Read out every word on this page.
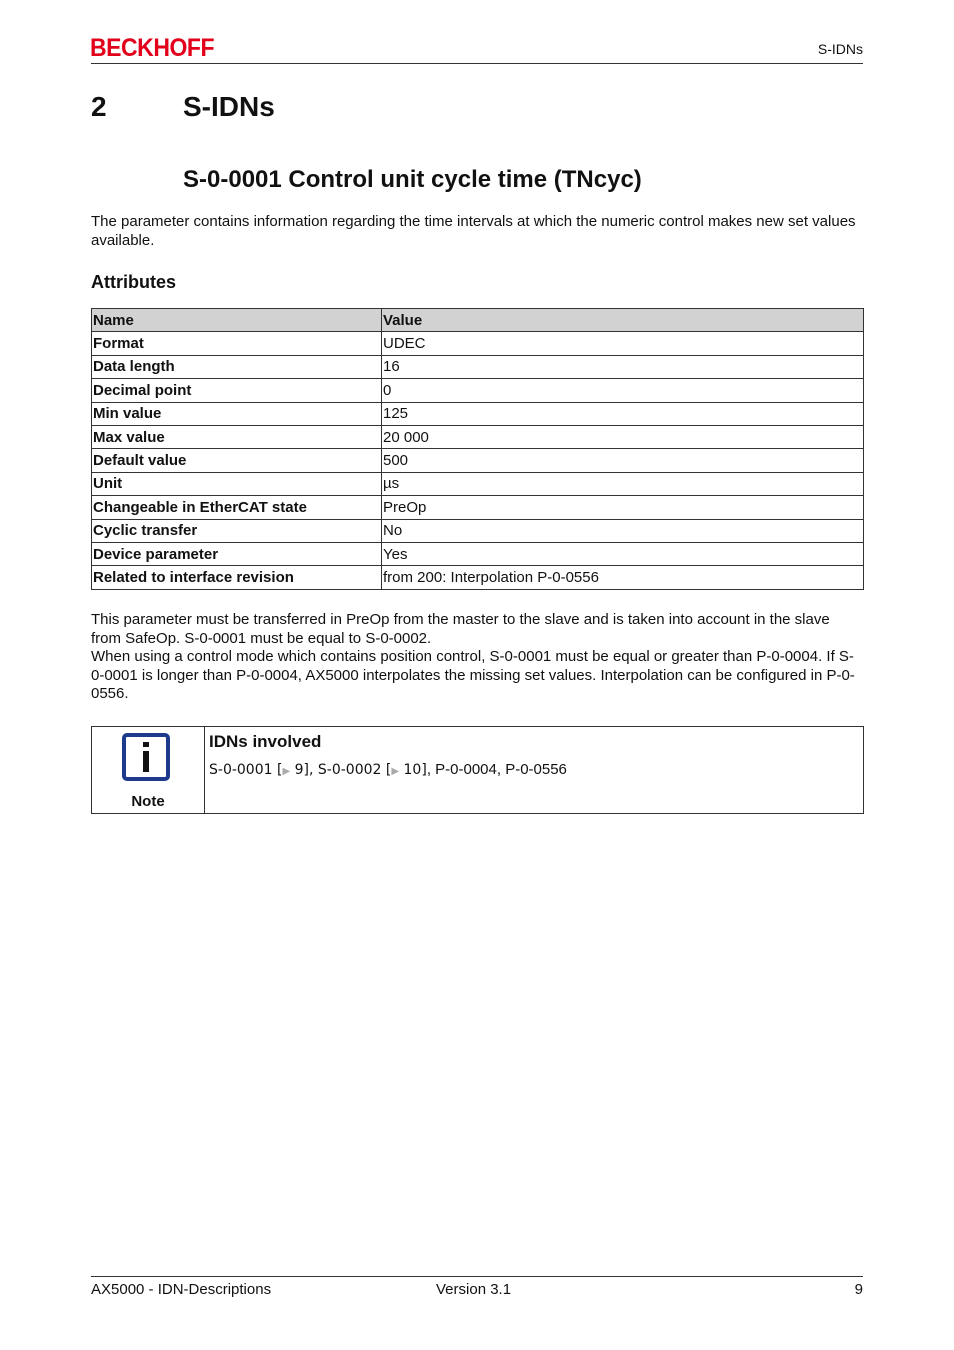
BECKHOFF	S-IDNs
2	S-IDNs
S-0-0001 Control unit cycle time (TNcyc)
The parameter contains information regarding the time intervals at which the numeric control makes new set values available.
Attributes
Name	Value
Format	UDEC
Data length	16
Decimal point	0
Min value	125
Max value	20 000
Default value	500
Unit	µs
Changeable in EtherCAT state	PreOp
Cyclic transfer	No
Device parameter	Yes
Related to interface revision	from 200: Interpolation P-0-0556

This parameter must be transferred in PreOp from the master to the slave and is taken into account in the slave from SafeOp. S-0-0001 must be equal to S-0-0002.

When using a control mode which contains position control, S-0-0001 must be equal or greater than P-0-0004. If S-0-0001 is longer than P-0-0004, AX5000 interpolates the missing set values. Interpolation can be configured in P-0-0556.

Note
IDNs involved
S-0-0001 [▶ 9], S-0-0002 [▶ 10], P-0-0004, P-0-0556
AX5000 - IDN-Descriptions	Version 3.1	9
